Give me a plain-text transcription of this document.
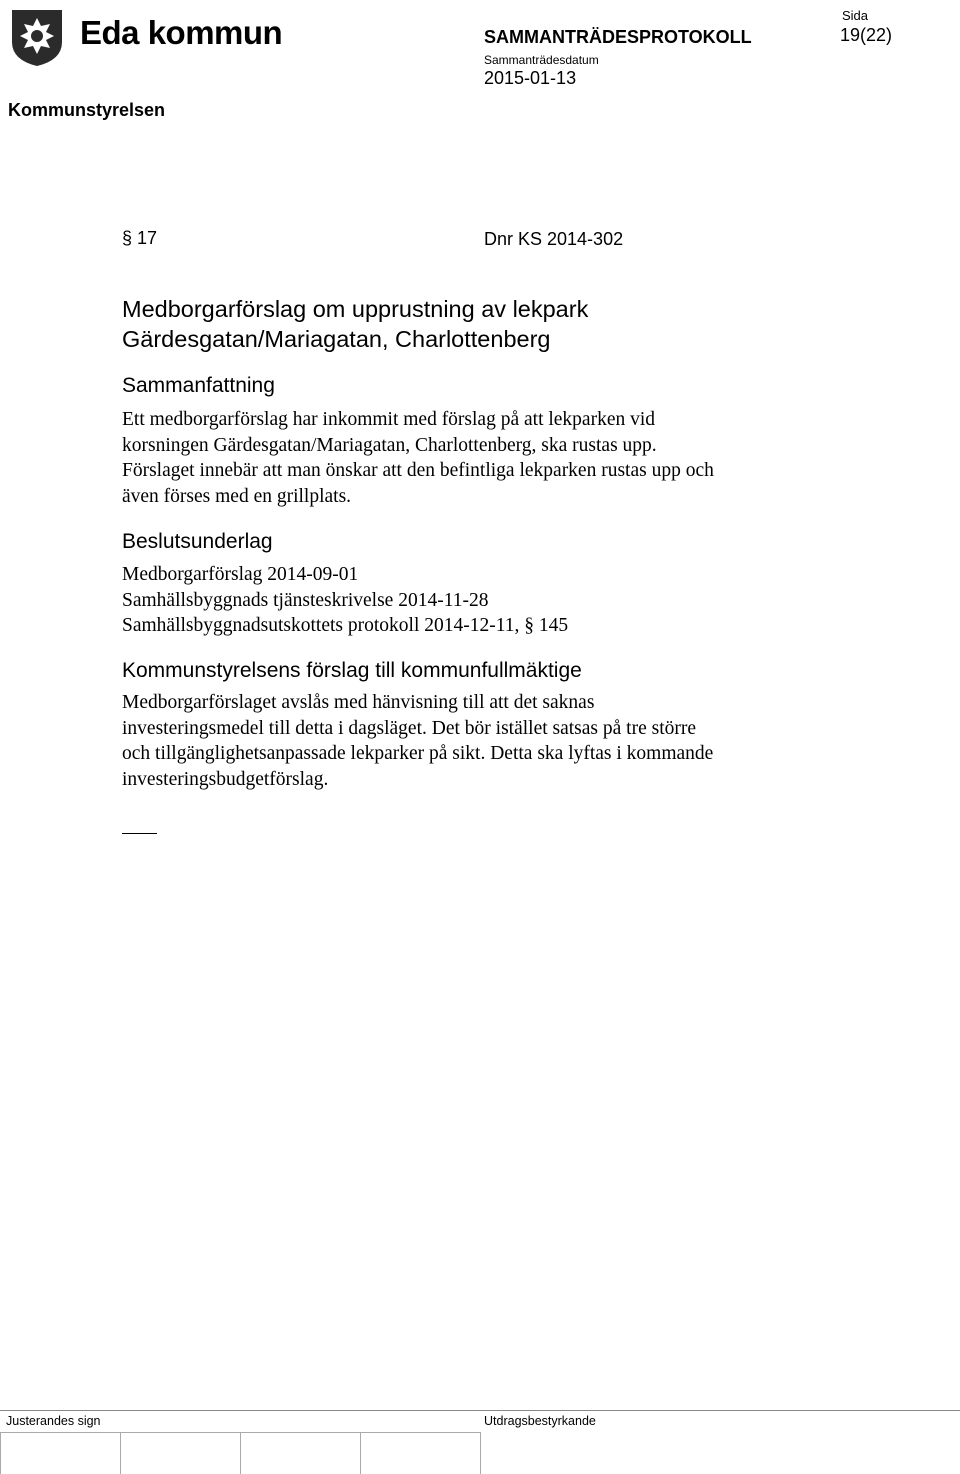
Eda kommun	SAMMANTRÄDESPROTOKOLL
Sammanträdesdatum
2015-01-13
Sida
19(22)
Kommunstyrelsen
§ 17	Dnr KS 2014-302
Medborgarförslag om upprustning av lekpark
Gärdesgatan/Mariagatan, Charlottenberg
Sammanfattning
Ett medborgarförslag har inkommit med förslag på att lekparken vid
korsningen Gärdesgatan/Mariagatan, Charlottenberg, ska rustas upp.
Förslaget innebär att man önskar att den befintliga lekparken rustas upp och
även förses med en grillplats.
Beslutsunderlag
Medborgarförslag 2014-09-01
Samhällsbyggnads tjänsteskrivelse 2014-11-28
Samhällsbyggnadsutskottets protokoll 2014-12-11, § 145
Kommunstyrelsens förslag till kommunfullmäktige
Medborgarförslaget avslås med hänvisning till att det saknas
investeringsmedel till detta i dagsläget. Det bör istället satsas på tre större
och tillgänglighetsanpassade lekparker på sikt. Detta ska lyftas i kommande
investeringsbudgetförslag.
Justerandes sign	Utdragsbestyrkande
